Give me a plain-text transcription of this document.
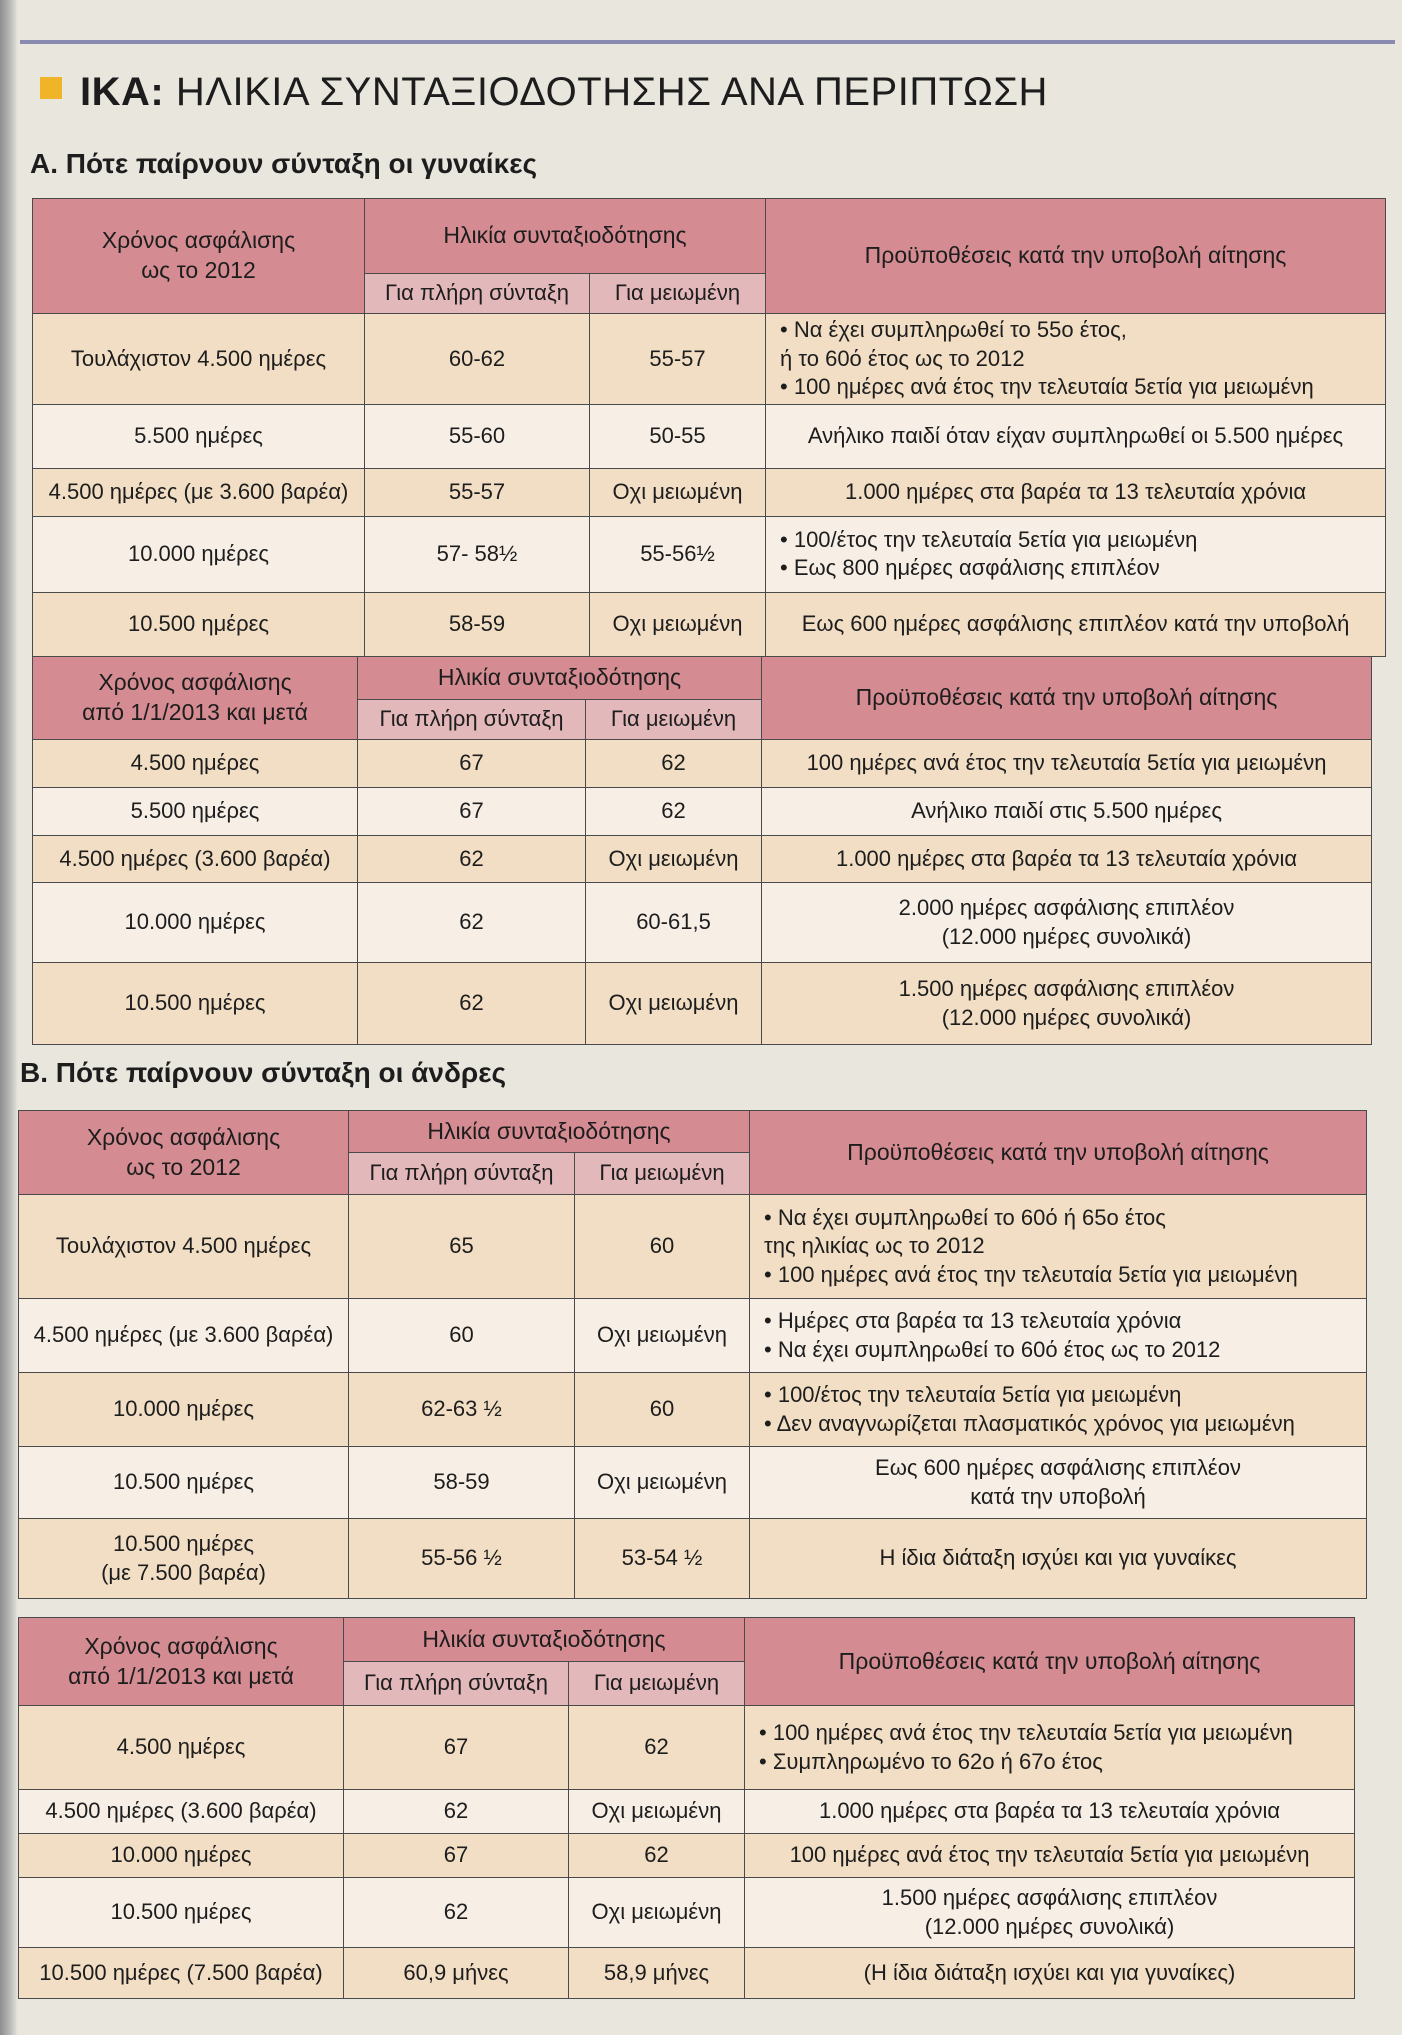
ΙΚΑ: ΗΛΙΚΙΑ ΣΥΝΤΑΞΙΟΔΟΤΗΣΗΣ ΑΝΑ ΠΕΡΙΠΤΩΣΗ
Α. Πότε παίρνουν σύνταξη οι γυναίκες
Β. Πότε παίρνουν σύνταξη οι άνδρες
Χρόνος ασφάλισης
ως το 2012	Ηλικία συνταξιοδότησης		Προϋποθέσεις κατά την υποβολή αίτησης
	Για πλήρη σύνταξη	Για μειωμένη	

Τουλάχιστον 4.500 ημέρες	60-62	55-57	• Να έχει συμπληρωθεί το 55ο έτος,
ή το 60ό έτος ως το 2012
• 100 ημέρες ανά έτος την τελευταία 5ετία για μειωμένη

5.500 ημέρες	55-60	50-55	Ανήλικο παιδί όταν είχαν συμπληρωθεί οι 5.500 ημέρες

4.500 ημέρες (με 3.600 βαρέα)	55-57	Οχι μειωμένη	1.000 ημέρες στα βαρέα τα 13 τελευταία χρόνια

10.000 ημέρες	57- 58½	55-56½	• 100/έτος την τελευταία 5ετία για μειωμένη
• Εως 800 ημέρες ασφάλισης επιπλέον

10.500 ημέρες	58-59	Οχι μειωμένη	Εως 600 ημέρες ασφάλισης επιπλέον κατά την υποβολή
Χρόνος ασφάλισης
από 1/1/2013 και μετά	Ηλικία συνταξιοδότησης		Προϋποθέσεις κατά την υποβολή αίτησης
	Για πλήρη σύνταξη	Για μειωμένη	

4.500 ημέρες	67	62	100 ημέρες ανά έτος την τελευταία 5ετία για μειωμένη

5.500 ημέρες	67	62	Ανήλικο παιδί στις 5.500 ημέρες

4.500 ημέρες (3.600 βαρέα)	62	Οχι μειωμένη	1.000 ημέρες στα βαρέα τα 13 τελευταία χρόνια

10.000 ημέρες	62	60-61,5	2.000 ημέρες ασφάλισης επιπλέον
(12.000 ημέρες συνολικά)

10.500 ημέρες	62	Οχι μειωμένη	1.500 ημέρες ασφάλισης επιπλέον
(12.000 ημέρες συνολικά)
Χρόνος ασφάλισης
ως το 2012	Ηλικία συνταξιοδότησης		Προϋποθέσεις κατά την υποβολή αίτησης
	Για πλήρη σύνταξη	Για μειωμένη	

Τουλάχιστον 4.500 ημέρες	65	60	• Να έχει συμπληρωθεί το 60ό ή 65ο έτος
της ηλικίας ως το 2012
• 100 ημέρες ανά έτος την τελευταία 5ετία για μειωμένη

4.500 ημέρες (με 3.600 βαρέα)	60	Οχι μειωμένη	• Ημέρες στα βαρέα τα 13 τελευταία χρόνια
• Να έχει συμπληρωθεί το 60ό έτος ως το 2012

10.000 ημέρες	62-63 ½	60	• 100/έτος την τελευταία 5ετία για μειωμένη
• Δεν αναγνωρίζεται πλασματικός χρόνος για μειωμένη

10.500 ημέρες	58-59	Οχι μειωμένη	Εως 600 ημέρες ασφάλισης επιπλέον
κατά την υποβολή

10.500 ημέρες
(με 7.500 βαρέα)	55-56 ½	53-54 ½	Η ίδια διάταξη ισχύει και για γυναίκες
Χρόνος ασφάλισης
από 1/1/2013 και μετά	Ηλικία συνταξιοδότησης		Προϋποθέσεις κατά την υποβολή αίτησης
	Για πλήρη σύνταξη	Για μειωμένη	

4.500 ημέρες	67	62	• 100 ημέρες ανά έτος την τελευταία 5ετία για μειωμένη
• Συμπληρωμένο το 62ο ή 67ο έτος

4.500 ημέρες (3.600 βαρέα)	62	Οχι μειωμένη	1.000 ημέρες στα βαρέα τα 13 τελευταία χρόνια

10.000 ημέρες	67	62	100 ημέρες ανά έτος την τελευταία 5ετία για μειωμένη

10.500 ημέρες	62	Οχι μειωμένη	1.500 ημέρες ασφάλισης επιπλέον
(12.000 ημέρες συνολικά)

10.500 ημέρες (7.500 βαρέα)	60,9 μήνες	58,9 μήνες	(Η ίδια διάταξη ισχύει και για γυναίκες)
